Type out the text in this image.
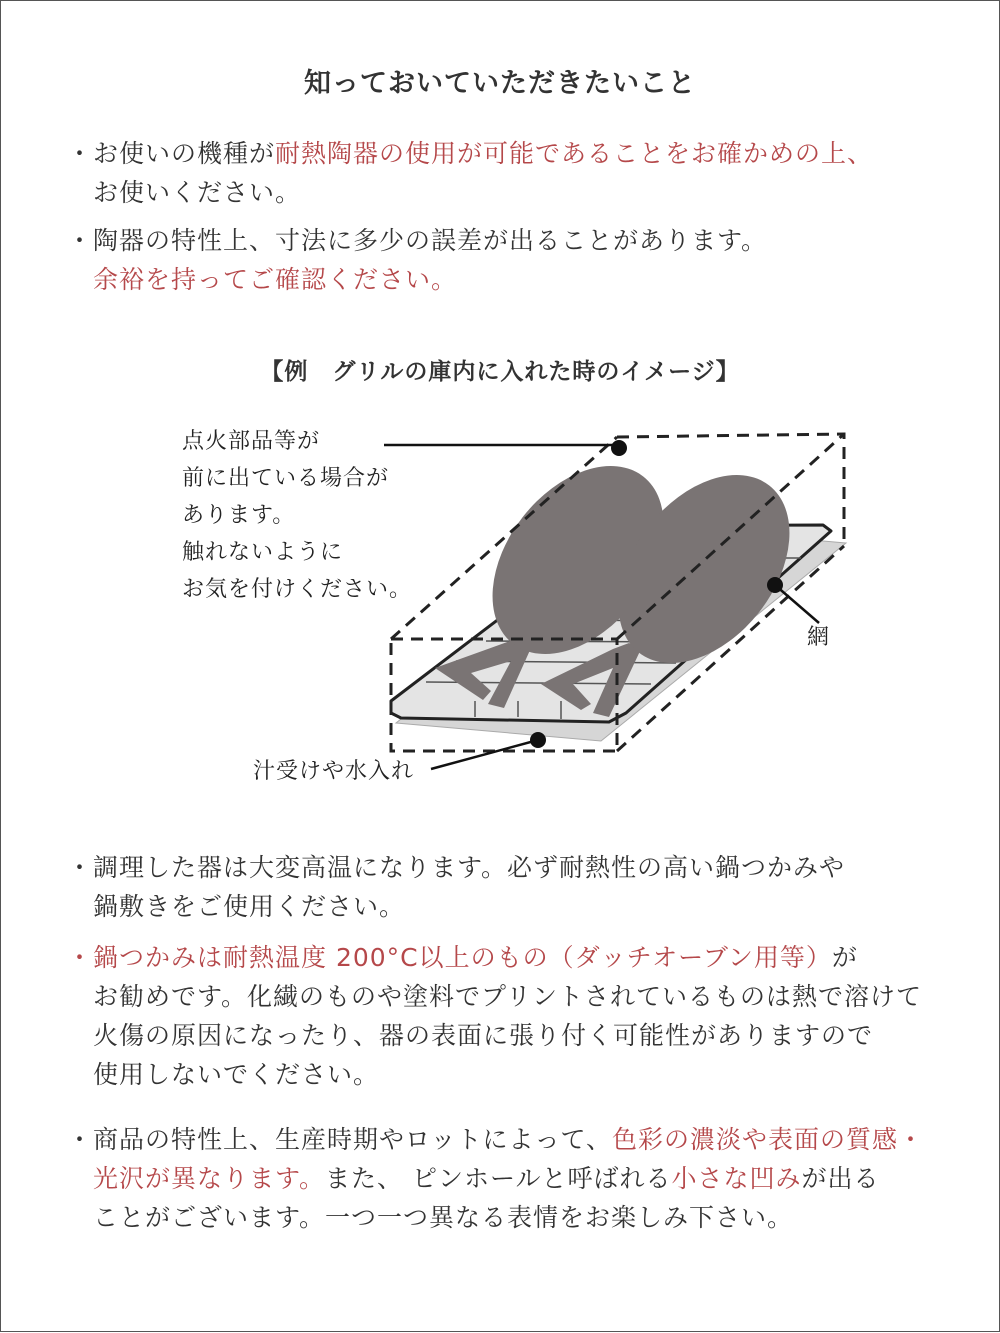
知っておいていただきたいこと
・ お使いの機種が耐熱陶器の使用が可能であることをお確かめの上、
お使いください。
・ 陶器の特性上、寸法に多少の誤差が出ることがあります。
余裕を持ってご確認ください。
【例　グリルの庫内に入れた時のイメージ】
点火部品等が
前に出ている場合が
あります。
触れないように
お気を付けください。
網
汁受けや水入れ
・ 調理した器は大変高温になります。必ず耐熱性の高い鍋つかみや
鍋敷きをご使用ください。
・ 鍋つかみは耐熱温度 200°C以上のもの（ダッチオーブン用等）が
お勧めです。化繊のものや塗料でプリントされているものは熱で溶けて
火傷の原因になったり、器の表面に張り付く可能性がありますので
使用しないでください。
・ 商品の特性上、生産時期やロットによって、色彩の濃淡や表面の質感・
光沢が異なります。また、 ピンホールと呼ばれる小さな凹みが出る
ことがございます。一つ一つ異なる表情をお楽しみ下さい。
